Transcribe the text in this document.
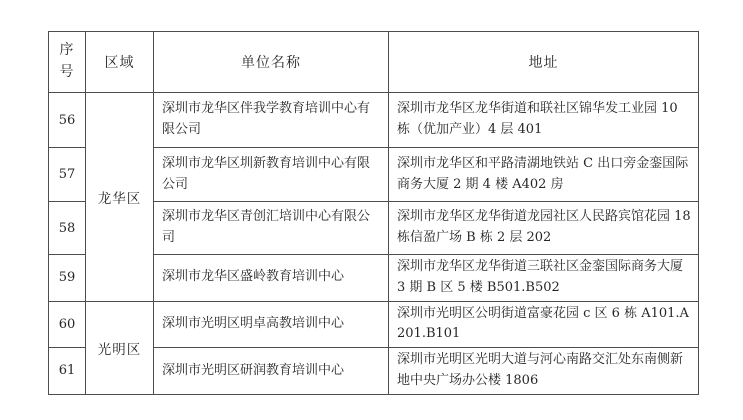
序号	区域	单位名称	地址
56	龙华区	深圳市龙华区伴我学教育培训中心有限公司	深圳市龙华区龙华街道和联社区锦华发工业园 10 栋（优加产业）4 层 401
57		深圳市龙华区圳新教育培训中心有限公司	深圳市龙华区和平路清湖地铁站 C 出口旁金銮国际商务大厦 2 期 4 楼 A402 房
58		深圳市龙华区青创汇培训中心有限公司	深圳市龙华区龙华街道龙园社区人民路宾馆花园 18 栋信盈广场 B 栋 2 层 202
59		深圳市龙华区盛岭教育培训中心	深圳市龙华区龙华街道三联社区金銮国际商务大厦 3 期 B 区 5 楼 B501.B502
60	光明区	深圳市光明区明卓高教培训中心	深圳市光明区公明街道富豪花园 c 区 6 栋 A101.A201.B101
61		深圳市光明区研润教育培训中心	深圳市光明区光明大道与河心南路交汇处东南侧新地中央广场办公楼 1806
